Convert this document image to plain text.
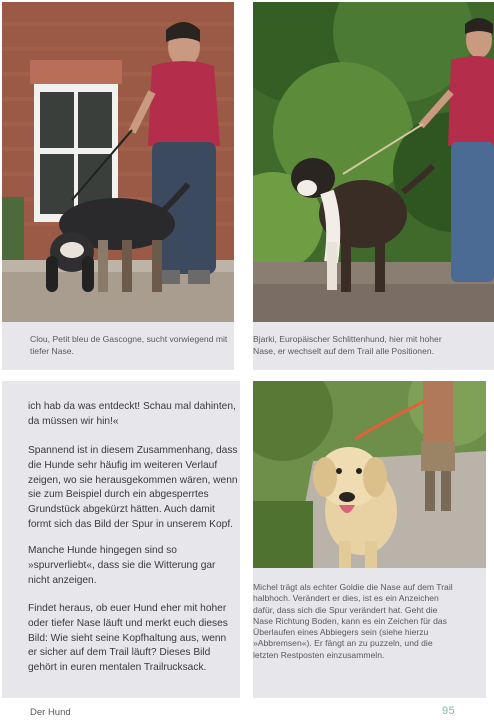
Clou, Petit bleu de Gascogne, sucht vorwiegend mit tiefer Nase.

Bjarki, Europäischer Schlittenhund, hier mit hoher Nase, er wechselt auf dem Trail alle Positionen.

ich hab da was entdeckt! Schau mal dahinten, da müssen wir hin!«

Spannend ist in diesem Zusammenhang, dass die Hunde sehr häufig im weiteren Verlauf zeigen, wo sie herausgekommen wären, wenn sie zum Beispiel durch ein abgesperrtes Grundstück abgekürzt hätten. Auch damit formt sich das Bild der Spur in unserem Kopf.

Manche Hunde hingegen sind so »spurverliebt«, dass sie die Witterung gar nicht anzeigen.

Findet heraus, ob euer Hund eher mit hoher oder tiefer Nase läuft und merkt euch dieses Bild: Wie sieht seine Kopfhaltung aus, wenn er sicher auf dem Trail läuft? Dieses Bild gehört in euren mentalen Trailrucksack.

Michel trägt als echter Goldie die Nase auf dem Trail halbhoch. Verändert er dies, ist es ein Anzeichen dafür, dass sich die Spur verändert hat. Geht die Nase Richtung Boden, kann es ein Zeichen für das Überlaufen eines Abbiegers sein (siehe hierzu »Abbremsen«). Er fängt an zu puzzeln, und die letzten Restposten einzusammeln.

Der Hund	95
